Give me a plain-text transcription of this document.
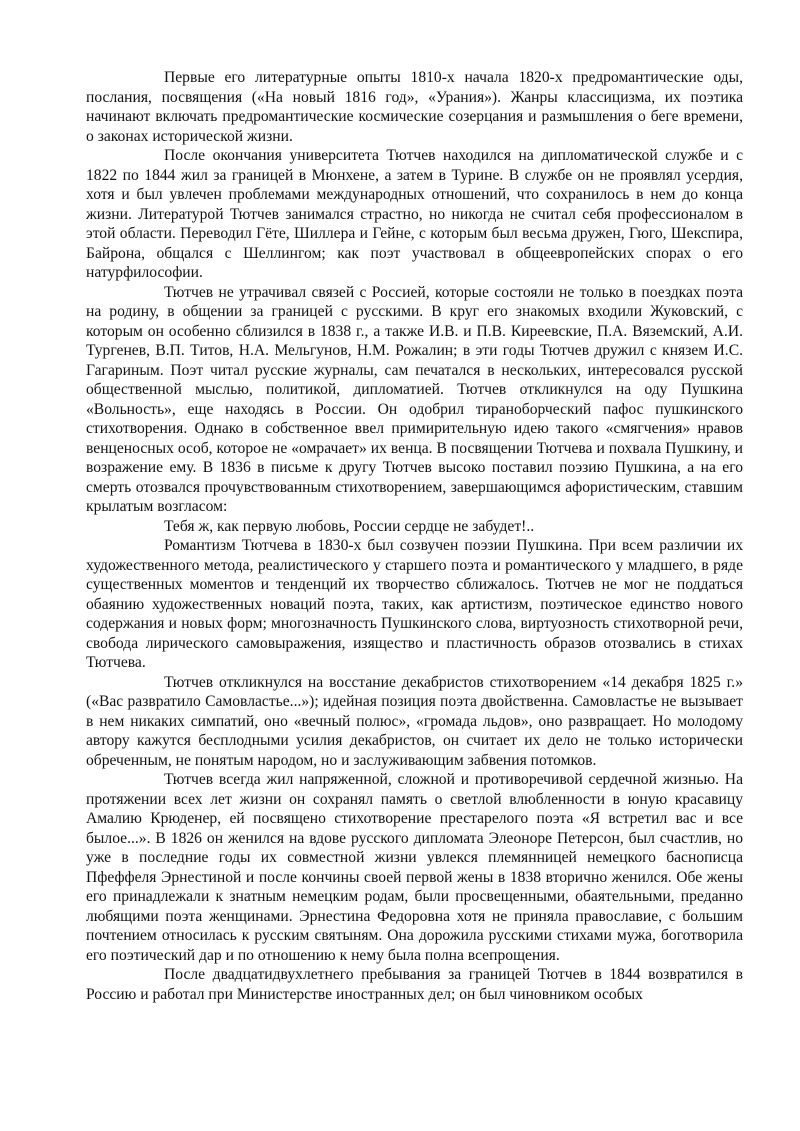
Первые его литературные опыты 1810-х начала 1820-х предромантические оды, послания, посвящения («На новый 1816 год», «Урания»). Жанры классицизма, их поэтика начинают включать предромантические космические созерцания и размышления о беге времени, о законах исторической жизни.

После окончания университета Тютчев находился на дипломатической службе и с 1822 по 1844 жил за границей в Мюнхене, а затем в Турине. В службе он не проявлял усердия, хотя и был увлечен проблемами международных отношений, что сохранилось в нем до конца жизни. Литературой Тютчев занимался страстно, но никогда не считал себя профессионалом в этой области. Переводил Гёте, Шиллера и Гейне, с которым был весьма дружен, Гюго, Шекспира, Байрона, общался с Шеллингом; как поэт участвовал в общеевропейских спорах о его натурфилософии.

Тютчев не утрачивал связей с Россией, которые состояли не только в поездках поэта на родину, в общении за границей с русскими. В круг его знакомых входили Жуковский, с которым он особенно сблизился в 1838 г., а также И.В. и П.В. Киреевские, П.А. Вяземский, А.И. Тургенев, В.П. Титов, Н.А. Мельгунов, Н.М. Рожалин; в эти годы Тютчев дружил с князем И.С. Гагариным. Поэт читал русские журналы, сам печатался в нескольких, интересовался русской общественной мыслью, политикой, дипломатией. Тютчев откликнулся на оду Пушкина «Вольность», еще находясь в России. Он одобрил тираноборческий пафос пушкинского стихотворения. Однако в собственное ввел примирительную идею такого «смягчения» нравов венценосных особ, которое не «омрачает» их венца. В посвящении Тютчева и похвала Пушкину, и возражение ему. В 1836 в письме к другу Тютчев высоко поставил поэзию Пушкина, а на его смерть отозвался прочувствованным стихотворением, завершающимся афористическим, ставшим крылатым возгласом:

Тебя ж, как первую любовь, России сердце не забудет!..

Романтизм Тютчева в 1830-х был созвучен поэзии Пушкина. При всем различии их художественного метода, реалистического у старшего поэта и романтического у младшего, в ряде существенных моментов и тенденций их творчество сближалось. Тютчев не мог не поддаться обаянию художественных новаций поэта, таких, как артистизм, поэтическое единство нового содержания и новых форм; многозначность Пушкинского слова, виртуозность стихотворной речи, свобода лирического самовыражения, изящество и пластичность образов отозвались в стихах Тютчева.

Тютчев откликнулся на восстание декабристов стихотворением «14 декабря 1825 г.» («Вас развратило Самовластье...»); идейная позиция поэта двойственна. Самовластье не вызывает в нем никаких симпатий, оно «вечный полюс», «громада льдов», оно развращает. Но молодому автору кажутся бесплодными усилия декабристов, он считает их дело не только исторически обреченным, не понятым народом, но и заслуживающим забвения потомков.

Тютчев всегда жил напряженной, сложной и противоречивой сердечной жизнью. На протяжении всех лет жизни он сохранял память о светлой влюбленности в юную красавицу Амалию Крюденер, ей посвящено стихотворение престарелого поэта «Я встретил вас и все былое...». В 1826 он женился на вдове русского дипломата Элеоноре Петерсон, был счастлив, но уже в последние годы их совместной жизни увлекся племянницей немецкого баснописца Пфеффеля Эрнестиной и после кончины своей первой жены в 1838 вторично женился. Обе жены его принадлежали к знатным немецким родам, были просвещенными, обаятельными, преданно любящими поэта женщинами. Эрнестина Федоровна хотя не приняла православие, с большим почтением относилась к русским святыням. Она дорожила русскими стихами мужа, боготворила его поэтический дар и по отношению к нему была полна всепрощения.

После двадцатидвухлетнего пребывания за границей Тютчев в 1844 возвратился в Россию и работал при Министерстве иностранных дел; он был чиновником особых
